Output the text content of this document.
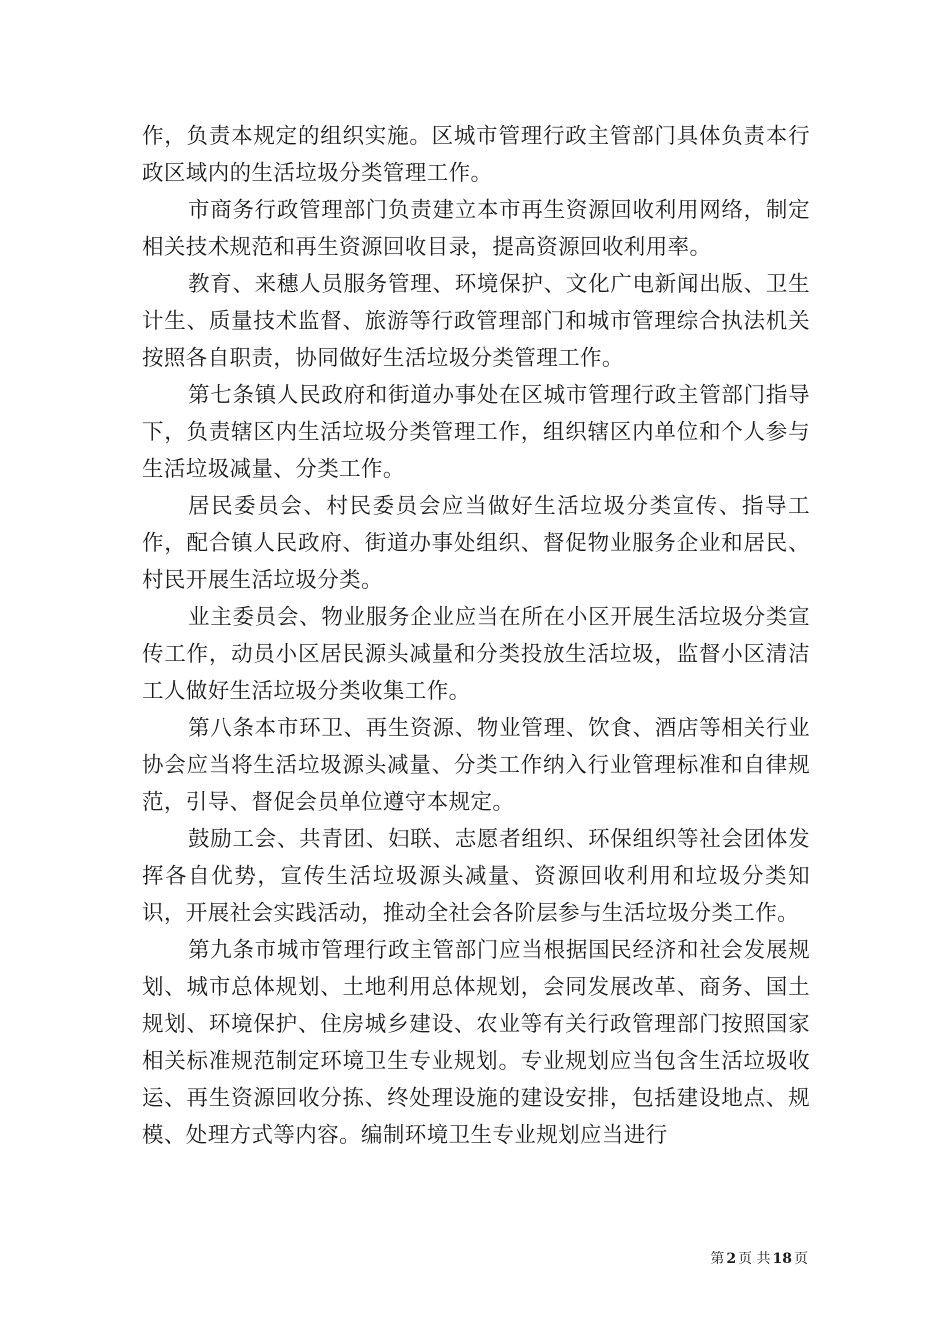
作，负责本规定的组织实施。区城市管理行政主管部门具体负责本行政区域内的生活垃圾分类管理工作。

市商务行政管理部门负责建立本市再生资源回收利用网络，制定相关技术规范和再生资源回收目录，提高资源回收利用率。

教育、来穗人员服务管理、环境保护、文化广电新闻出版、卫生计生、质量技术监督、旅游等行政管理部门和城市管理综合执法机关按照各自职责，协同做好生活垃圾分类管理工作。

第七条镇人民政府和街道办事处在区城市管理行政主管部门指导下，负责辖区内生活垃圾分类管理工作，组织辖区内单位和个人参与生活垃圾减量、分类工作。

居民委员会、村民委员会应当做好生活垃圾分类宣传、指导工作，配合镇人民政府、街道办事处组织、督促物业服务企业和居民、村民开展生活垃圾分类。

业主委员会、物业服务企业应当在所在小区开展生活垃圾分类宣传工作，动员小区居民源头减量和分类投放生活垃圾，监督小区清洁工人做好生活垃圾分类收集工作。

第八条本市环卫、再生资源、物业管理、饮食、酒店等相关行业协会应当将生活垃圾源头减量、分类工作纳入行业管理标准和自律规范，引导、督促会员单位遵守本规定。

鼓励工会、共青团、妇联、志愿者组织、环保组织等社会团体发挥各自优势，宣传生活垃圾源头减量、资源回收利用和垃圾分类知识，开展社会实践活动，推动全社会各阶层参与生活垃圾分类工作。

第九条市城市管理行政主管部门应当根据国民经济和社会发展规划、城市总体规划、土地利用总体规划，会同发展改革、商务、国土规划、环境保护、住房城乡建设、农业等有关行政管理部门按照国家相关标准规范制定环境卫生专业规划。专业规划应当包含生活垃圾收运、再生资源回收分拣、终处理设施的建设安排，包括建设地点、规模、处理方式等内容。编制环境卫生专业规划应当进行

第 2 页 共 18 页
